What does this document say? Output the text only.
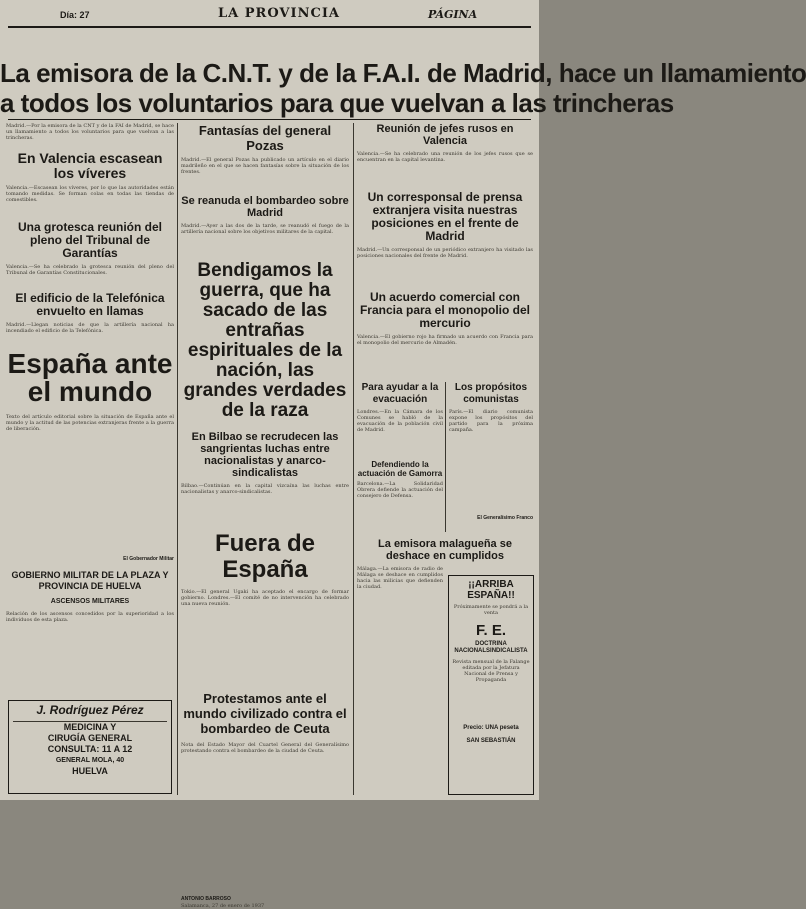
Día: 27	LA PROVINCIA	PÁGINA
La emisora de la C.N.T. y de la F.A.I. de Madrid, hace un llamamiento
a todos los voluntarios para que vuelvan a las trincheras
Madrid.—Por la emisora de la CNT y de la FAI de Madrid, se hace un llamamiento a todos los voluntarios para que vuelvan a las trincheras.
En Valencia escasean los víveres
Valencia.—Escasean los víveres, por lo que las autoridades están tomando medidas. Se forman colas en todas las tiendas de comestibles.
Una grotesca reunión del pleno del Tribunal de Garantías
Valencia.—Se ha celebrado la grotesca reunión del pleno del Tribunal de Garantías Constitucionales.
El edificio de la Telefónica envuelto en llamas
Madrid.—Llegan noticias de que la artillería nacional ha incendiado el edificio de la Telefónica.
España ante el mundo
Texto del artículo editorial sobre la situación de España ante el mundo y la actitud de las potencias extranjeras frente a la guerra de liberación.
El Gobernador Militar
GOBIERNO MILITAR DE LA PLAZA Y PROVINCIA DE HUELVA
ASCENSOS MILITARES
Relación de los ascensos concedidos por la superioridad a los individuos de esta plaza.
J. Rodríguez Pérez
MEDICINA Y
CIRUGÍA GENERAL
CONSULTA: 11 A 12
GENERAL MOLA, 40
HUELVA
Fantasías del general Pozas
Madrid.—El general Pozas ha publicado un artículo en el diario madrileño en el que se hacen fantasías sobre la situación de los frentes.
Se reanuda el bombardeo sobre Madrid
Madrid.—Ayer a las dos de la tarde, se reanudó el fuego de la artillería nacional sobre los objetivos militares de la capital.
Bendigamos la guerra, que ha sacado de las entrañas espirituales de la nación, las grandes verdades de la raza
En Bilbao se recrudecen las sangrientas luchas entre nacionalistas y anarco-sindicalistas
Bilbao.—Continúan en la capital vizcaína las luchas entre nacionalistas y anarco-sindicalistas.
Fuera de España
Tokio.—El general Ugaki ha aceptado el encargo de formar gobierno. Londres.—El comité de no intervención ha celebrado una nueva reunión.
Protestamos ante el mundo civilizado contra el bombardeo de Ceuta
Nota del Estado Mayor del Cuartel General del Generalísimo protestando contra el bombardeo de la ciudad de Ceuta.
ANTONIO BARROSO
Salamanca, 27 de enero de 1937
Reunión de jefes rusos en Valencia
Valencia.—Se ha celebrado una reunión de los jefes rusos que se encuentran en la capital levantina.
Un corresponsal de prensa extranjera visita nuestras posiciones en el frente de Madrid
Madrid.—Un corresponsal de un periódico extranjero ha visitado las posiciones nacionales del frente de Madrid.
Un acuerdo comercial con Francia para el monopolio del mercurio
Valencia.—El gobierno rojo ha firmado un acuerdo con Francia para el monopolio del mercurio de Almadén.
Para ayudar a la evacuación
Londres.—En la Cámara de los Comunes se habló de la evacuación de la población civil de Madrid.
Defendiendo la actuación de Gamorra
Barcelona.—La Solidaridad Obrera defiende la actuación del consejero de Defensa.
Los propósitos comunistas
París.—El diario comunista expone los propósitos del partido para la próxima campaña.
El Generalísimo Franco
La emisora malagueña se deshace en cumplidos
Málaga.—La emisora de radio de Málaga se deshace en cumplidos hacia las milicias que defienden la ciudad.	¡¡ARRIBA ESPAÑA!!
Próximamente se pondrá a la venta
F. E.
DOCTRINA NACIONALSINDICALISTA
Revista mensual de la Falange editada por la Jefatura Nacional de Prensa y Propaganda
Precio: UNA peseta
SAN SEBASTIÁN
